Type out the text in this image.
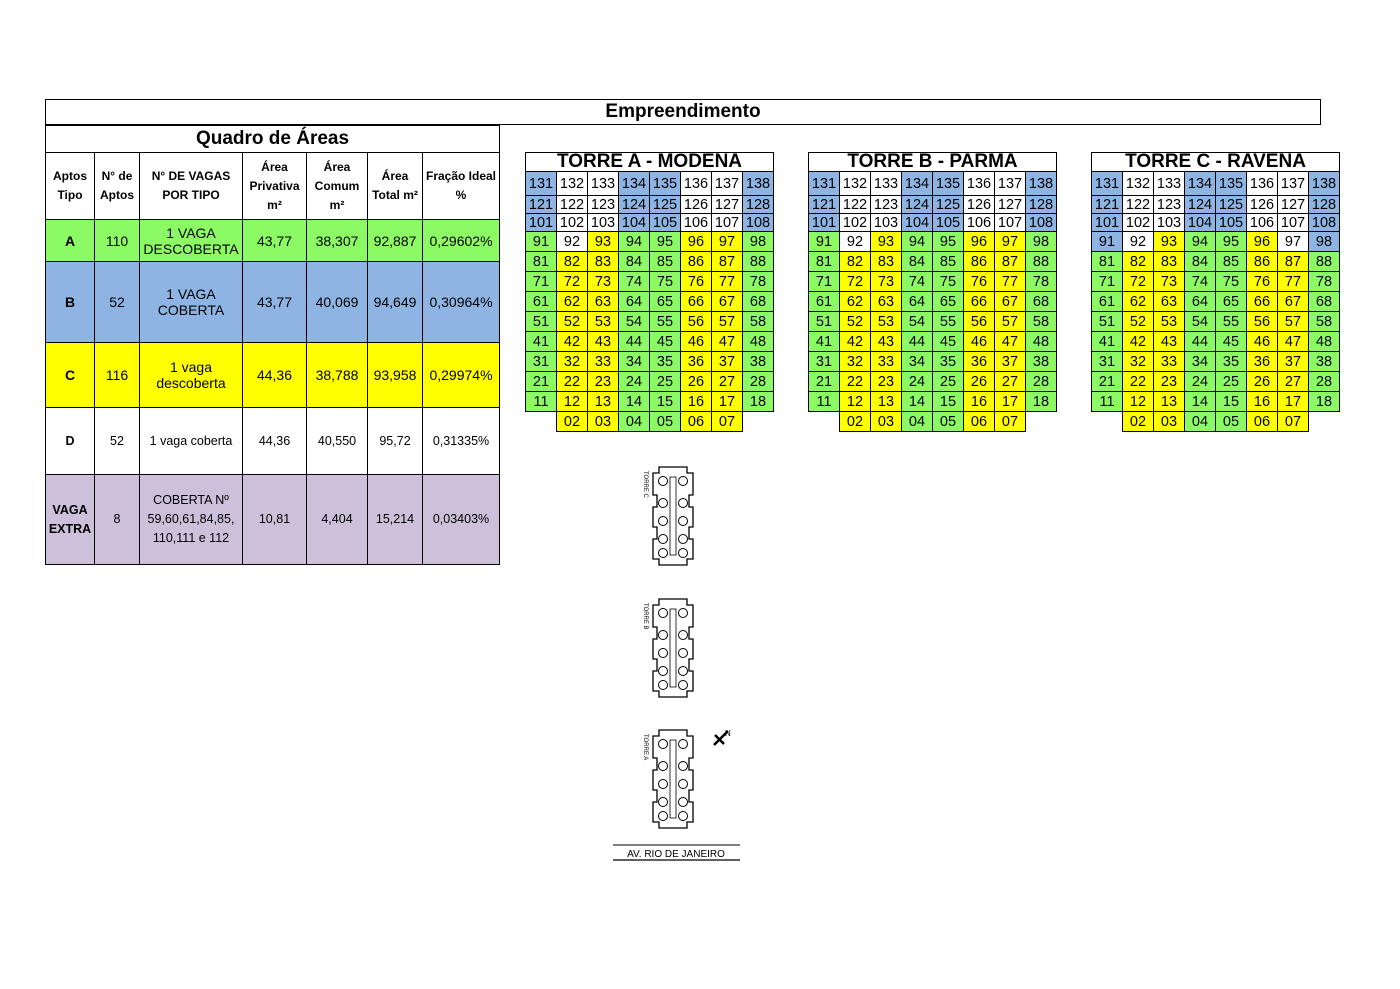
Empreendimento
Quadro de Áreas						
Aptos Tipo	N° de Aptos	N° DE VAGAS POR TIPO	Área Privativa m²	Área Comum m²	Área Total m²	Fração Ideal %
A	110	1 VAGA DESCOBERTA	43,77	38,307	92,887	0,29602%
B	52	1 VAGA COBERTA	43,77	40,069	94,649	0,30964%
C	116	1 vaga descoberta	44,36	38,788	93,958	0,29974%
D	52	1 vaga coberta	44,36	40,550	95,72	0,31335%
VAGA EXTRA	8	COBERTA Nº 59,60,61,84,85, 110,111 e 112	10,81	4,404	15,214	0,03403%
TORRE A - MODENA							
131	132	133	134	135	136	137	138
121	122	123	124	125	126	127	128
101	102	103	104	105	106	107	108
91	92	93	94	95	96	97	98
81	82	83	84	85	86	87	88
71	72	73	74	75	76	77	78
61	62	63	64	65	66	67	68
51	52	53	54	55	56	57	58
41	42	43	44	45	46	47	48
31	32	33	34	35	36	37	38
21	22	23	24	25	26	27	28
11	12	13	14	15	16	17	18
	02	03	04	05	06	07	
TORRE B - PARMA							
131	132	133	134	135	136	137	138
121	122	123	124	125	126	127	128
101	102	103	104	105	106	107	108
91	92	93	94	95	96	97	98
81	82	83	84	85	86	87	88
71	72	73	74	75	76	77	78
61	62	63	64	65	66	67	68
51	52	53	54	55	56	57	58
41	42	43	44	45	46	47	48
31	32	33	34	35	36	37	38
21	22	23	24	25	26	27	28
11	12	13	14	15	16	17	18
	02	03	04	05	06	07	
TORRE C - RAVENA							
131	132	133	134	135	136	137	138
121	122	123	124	125	126	127	128
101	102	103	104	105	106	107	108
91	92	93	94	95	96	97	98
81	82	83	84	85	86	87	88
71	72	73	74	75	76	77	78
61	62	63	64	65	66	67	68
51	52	53	54	55	56	57	58
41	42	43	44	45	46	47	48
31	32	33	34	35	36	37	38
21	22	23	24	25	26	27	28
11	12	13	14	15	16	17	18
	02	03	04	05	06	07	
TORRE C
TORRE B
TORRE A
N
AV. RIO DE JANEIRO
